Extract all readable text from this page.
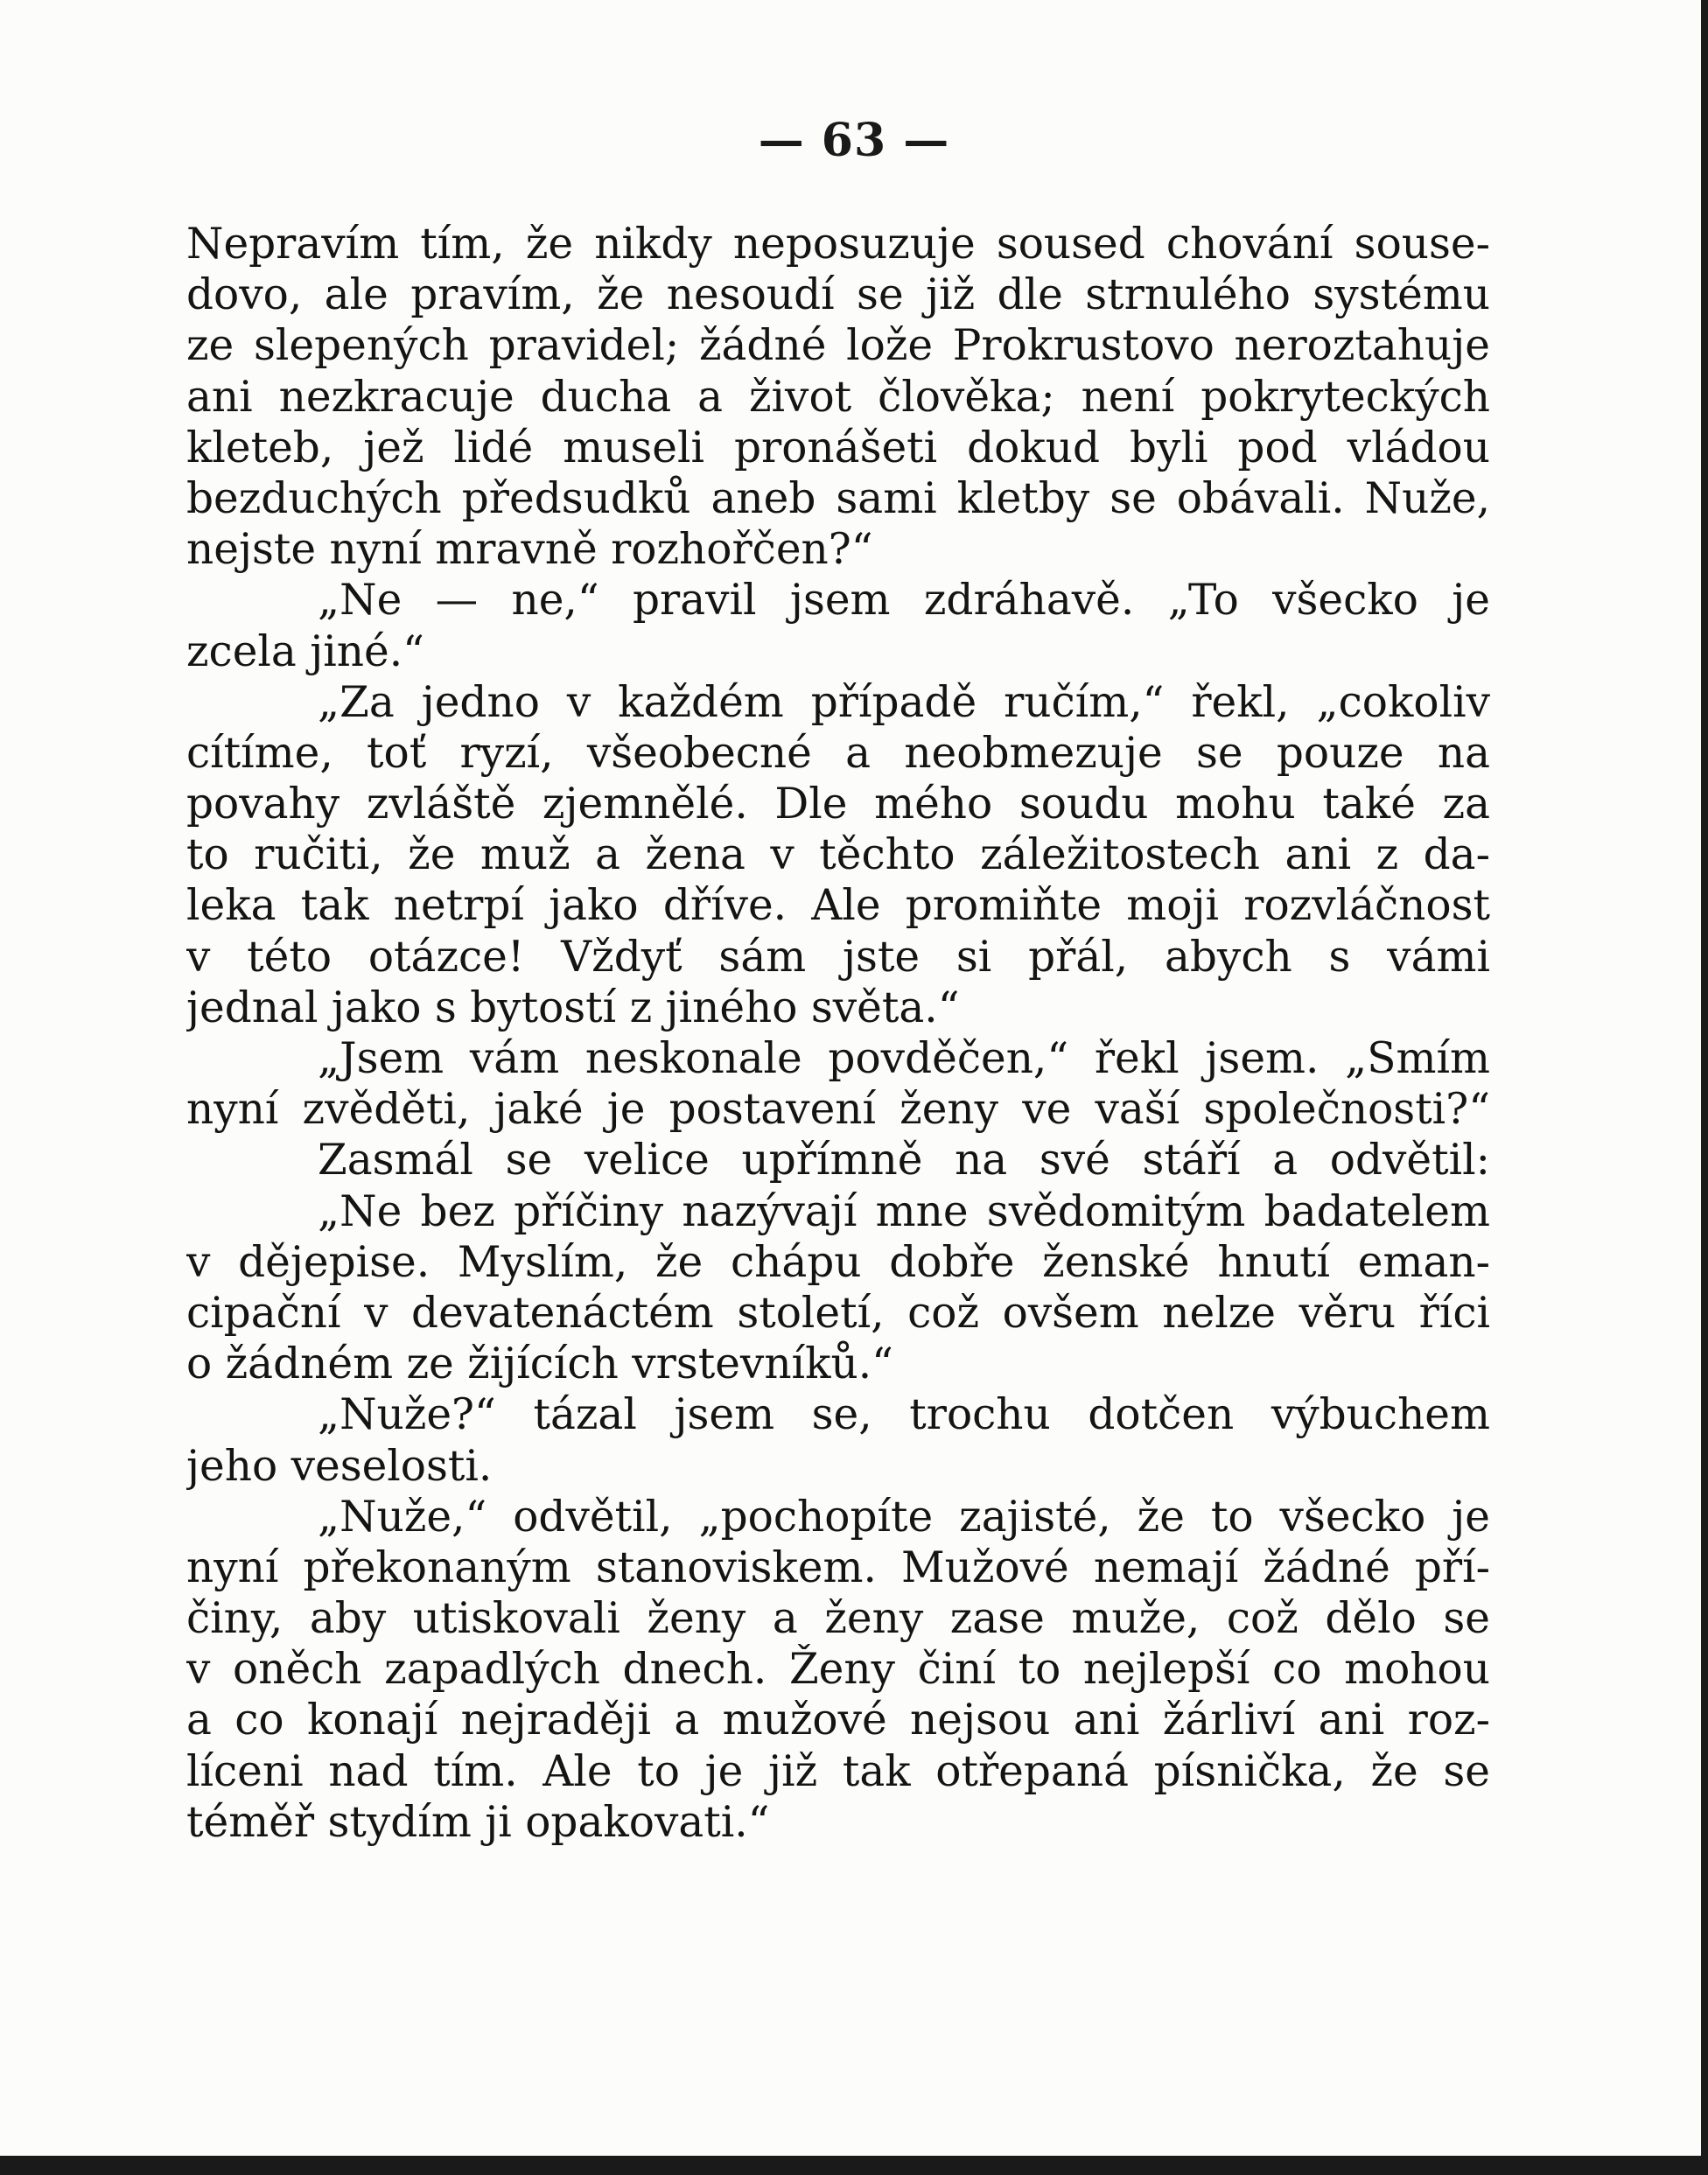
— 63 —
Nepravím tím, že nikdy neposuzuje soused chování souse-
dovo, ale pravím, že nesoudí se již dle strnulého systému
ze slepených pravidel; žádné lože Prokrustovo neroztahuje
ani nezkracuje ducha a život člověka; není pokryteckých
kleteb, jež lidé museli pronášeti dokud byli pod vládou
bezduchých předsudků aneb sami kletby se obávali. Nuže,
nejste nyní mravně rozhořčen?“
„Ne — ne,“ pravil jsem zdráhavě. „To všecko je
zcela jiné.“
„Za jedno v každém případě ručím,“ řekl, „cokoliv
cítíme, toť ryzí, všeobecné a neobmezuje se pouze na
povahy zvláště zjemnělé. Dle mého soudu mohu také za
to ručiti, že muž a žena v těchto záležitostech ani z da-
leka tak netrpí jako dříve. Ale promiňte moji rozvláčnost
v této otázce! Vždyť sám jste si přál, abych s vámi
jednal jako s bytostí z jiného světa.“
„Jsem vám neskonale povděčen,“ řekl jsem. „Smím
nyní zvěděti, jaké je postavení ženy ve vaší společnosti?“
Zasmál se velice upřímně na své stáří a odvětil:
„Ne bez příčiny nazývají mne svědomitým badatelem
v dějepise. Myslím, že chápu dobře ženské hnutí eman-
cipační v devatenáctém století, což ovšem nelze věru říci
o žádném ze žijících vrstevníků.“
„Nuže?“ tázal jsem se, trochu dotčen výbuchem
jeho veselosti.
„Nuže,“ odvětil, „pochopíte zajisté, že to všecko je
nyní překonaným stanoviskem. Mužové nemají žádné pří-
činy, aby utiskovali ženy a ženy zase muže, což dělo se
v oněch zapadlých dnech. Ženy činí to nejlepší co mohou
a co konají nejraději a mužové nejsou ani žárliví ani roz-
líceni nad tím. Ale to je již tak otřepaná písnička, že se
téměř stydím ji opakovati.“
